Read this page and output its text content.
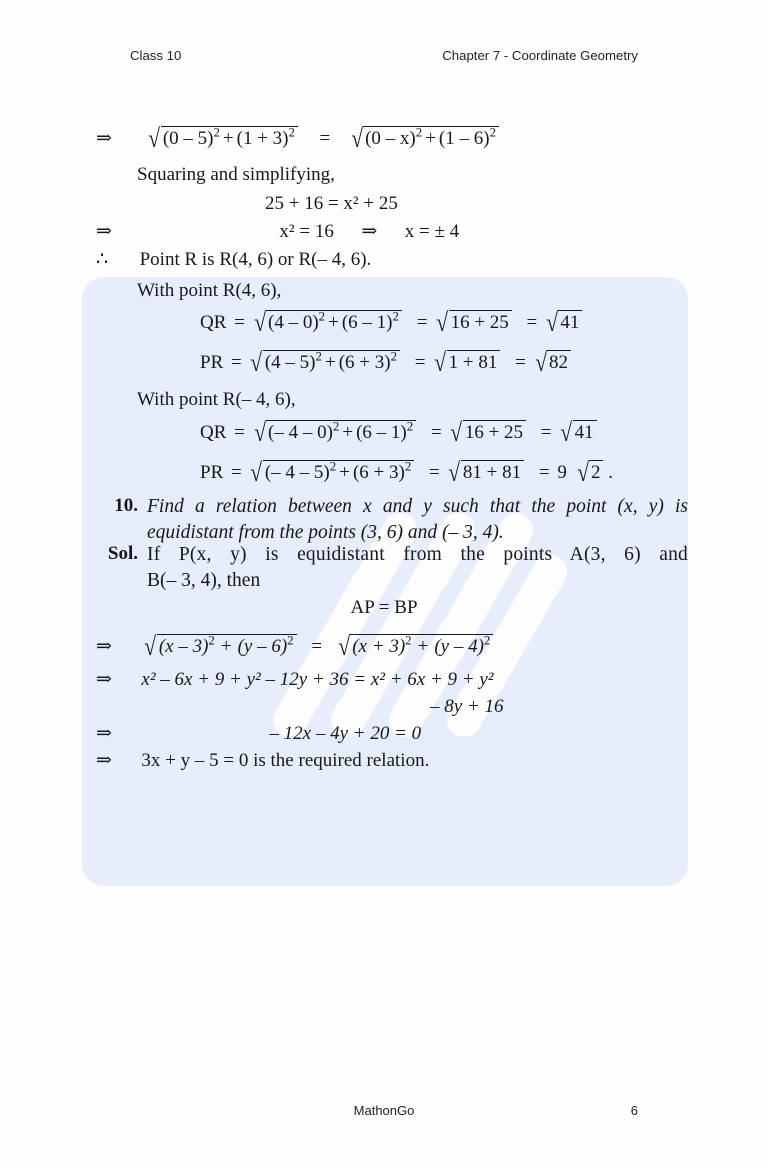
Class 10	Chapter 7 - Coordinate Geometry
⇒ √ $(0 - 5)^2 + (1 + 3)^2$ = √ (0 – x)$^2$ + (1 – 6)$^2$
Squaring and simplifying,
25 + 16 = x² + 25
⇒	x² = 16 ⇒ x = ± 4
∴ Point R is R(4, 6) or R(– 4, 6).
With point R(4, 6),
QR = √ (4 – 0)$^2$ + (6 – 1)$^2$ = √ 16 + 25 = √ 41
PR = √ $(4 - 5)^2 + (6 + 3)^2$ = √ 1 + 81 = √ 82
With point R(– 4, 6),
QR = √ (– 4 – 0)$^2$ + (6 – 1)$^2$ = √ 16 + 25 = √ 41
PR = √ (– $4 - 5)^2 + (6 + 3)^2$ = √ 81 + 81 = 9 √ 2 .
10. Find a relation between x and y such that the point (x, y) is

equidistant from the points (3, 6) and (– 3, 4).

Sol. If P(x, y) is equidistant from the points A(3, 6) and

B(– 3, 4), then

AP = BP
⇒ √ (x – 3)$^2$ + (y – 6)$^2$ = √ $(x + 3)^2 + (y - 4)^2$
⇒ x² – 6x + 9 + y² – 12y + 36 = x² + 6x + 9 + y²
– 8y + 16
⇒	– 12x – 4y + 20 = 0
⇒ 3x + y – 5 = 0 is the required relation.
MathonGo	6
